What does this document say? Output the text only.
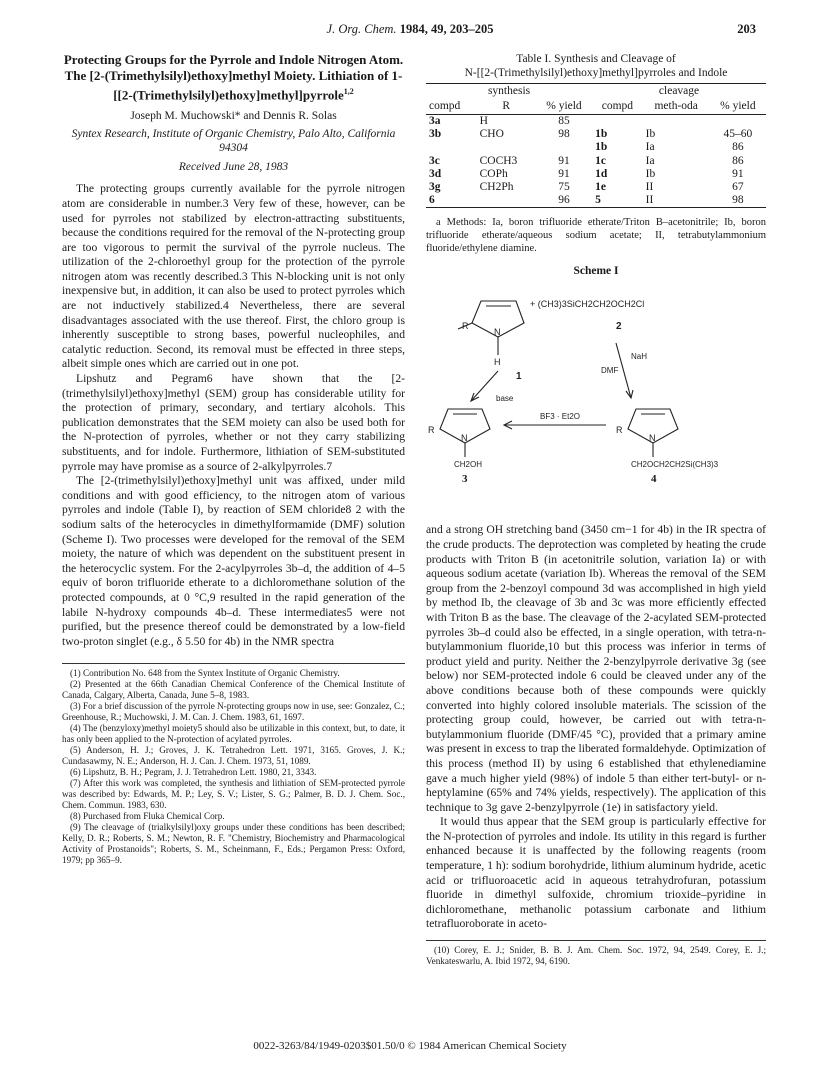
J. Org. Chem. 1984, 49, 203–205	203

Protecting Groups for the Pyrrole and Indole Nitrogen Atom. The [2-(Trimethylsilyl)ethoxy]methyl Moiety. Lithiation of 1-[[2-(Trimethylsilyl)ethoxy]methyl]pyrrole$^{1,2}$

Joseph M. Muchowski* and Dennis R. Solas
Syntex Research, Institute of Organic Chemistry, Palo Alto, California 94304
Received June 28, 1983

The protecting groups currently available for the pyrrole nitrogen atom are considerable in number.3 Very few of these, however, can be used for pyrroles not stabilized by electron-attracting substituents, because the conditions required for the removal of the N-protecting group are too vigorous to permit the survival of the pyrrole nucleus. The utilization of the 2-chloroethyl group for the protection of the pyrrole nitrogen atom was recently described.3 This N-blocking unit is not only inexpensive but, in addition, it can also be used to protect pyrroles which are not inductively stabilized.4 Nevertheless, there are several disadvantages associated with the use thereof. First, the chloro group is inherently susceptible to strong bases, powerful nucleophiles, and catalytic reduction. Second, its removal must be effected in three steps, albeit simple ones which are carried out in one pot.

Lipshutz and Pegram6 have shown that the [2-(trimethylsilyl)ethoxy]methyl (SEM) group has considerable utility for the protection of primary, secondary, and tertiary alcohols. This publication demonstrates that the SEM moiety can also be used both for the N-protection of pyrroles, whether or not they carry stabilizing substituents, and for indole. Furthermore, lithiation of SEM-substituted pyrrole may have promise as a source of 2-alkylpyrroles.7

The [2-(trimethylsilyl)ethoxy]methyl unit was affixed, under mild conditions and with good efficiency, to the nitrogen atom of various pyrroles and indole (Table I), by reaction of SEM chloride8 2 with the sodium salts of the heterocycles in dimethylformamide (DMF) solution (Scheme I). Two processes were developed for the removal of the SEM moiety, the nature of which was dependent on the substituent present in the heterocyclic system. For the 2-acylpyrroles 3b–d, the addition of 4–5 equiv of boron trifluoride etherate to a dichloromethane solution of the protected compounds, at 0 °C,9 resulted in the rapid generation of the labile N-hydroxy compounds 4b–d. These intermediates5 were not purified, but the presence thereof could be demonstrated by a low-field two-proton singlet (e.g., δ 5.50 for 4b) in the NMR spectra

(1) Contribution No. 648 from the Syntex Institute of Organic Chemistry.

(2) Presented at the 66th Canadian Chemical Conference of the Chemical Institute of Canada, Calgary, Alberta, Canada, June 5–8, 1983.

(3) For a brief discussion of the pyrrole N-protecting groups now in use, see: Gonzalez, C.; Greenhouse, R.; Muchowski, J. M. Can. J. Chem. 1983, 61, 1697.

(4) The (benzyloxy)methyl moiety5 should also be utilizable in this context, but, to date, it has only been applied to the N-protection of acylated pyrroles.

(5) Anderson, H. J.; Groves, J. K. Tetrahedron Lett. 1971, 3165. Groves, J. K.; Cundasawmy, N. E.; Anderson, H. J. Can. J. Chem. 1973, 51, 1089.

(6) Lipshutz, B. H.; Pegram, J. J. Tetrahedron Lett. 1980, 21, 3343.

(7) After this work was completed, the synthesis and lithiation of SEM-protected pyrrole was described by: Edwards, M. P.; Ley, S. V.; Lister, S. G.; Palmer, B. D. J. Chem. Soc., Chem. Commun. 1983, 630.

(8) Purchased from Fluka Chemical Corp.

(9) The cleavage of (trialkylsilyl)oxy groups under these conditions has been described; Kelly, D. R.; Roberts, S. M.; Newton, R. F. "Chemistry, Biochemistry and Pharmacological Activity of Prostanoids"; Roberts, S. M., Scheinmann, F., Eds.; Pergamon Press: Oxford, 1979; pp 365–9.

Table I. Synthesis and Cleavage of
N-[[2-(Trimethylsilyl)ethoxy]methyl]pyrroles and Indole
synthesis			cleavage		
compd	R	% yield	compd	meth-oda	% yield
3a	H	85			
3b	CHO	98	1b	Ib	45–60
			1b	Ia	86
3c	COCH3	91	1c	Ia	86
3d	COPh	91	1d	Ib	91
3g	CH2Ph	75	1e	II	67
6		96	5	II	98
a Methods: Ia, boron trifluoride etherate/Triton B–acetonitrile; Ib, boron trifluoride etherate/aqueous sodium acetate; II, tetrabutylammonium fluoride/ethylene diamine.
Scheme I
R
N
H
+ (CH3)3SiCH2CH2OCH2Cl
1
2
NaH
DMF
base
BF3 · Et2O
R
N
CH2OH
R
N
CH2OCH2CH2Si(CH3)3
3	4

and a strong OH stretching band (3450 cm−1 for 4b) in the IR spectra of the crude products. The deprotection was completed by heating the crude products with Triton B (in acetonitrile solution, variation Ia) or with aqueous sodium acetate (variation Ib). Whereas the removal of the SEM group from the 2-benzoyl compound 3d was accomplished in high yield by method Ib, the cleavage of 3b and 3c was more efficiently effected with Triton B as the base. The cleavage of the 2-acylated SEM-protected pyrroles 3b–d could also be effected, in a single operation, with tetra-n-butylammonium fluoride,10 but this process was inferior in terms of product yield and purity. Neither the 2-benzylpyrrole derivative 3g (see below) nor SEM-protected indole 6 could be cleaved under any of the above conditions because both of these compounds were quickly converted into highly colored insoluble materials. The scission of the protecting group could, however, be carried out with tetra-n-butylammonium fluoride (DMF/45 °C), provided that a primary amine was present in excess to trap the liberated formaldehyde. Optimization of this process (method II) by using 6 established that ethylenediamine gave a much higher yield (98%) of indole 5 than either tert-butyl- or n-heptylamine (65% and 74% yields, respectively). The application of this technique to 3g gave 2-benzylpyrrole (1e) in satisfactory yield.

It would thus appear that the SEM group is particularly effective for the N-protection of pyrroles and indole. Its utility in this regard is further enhanced because it is unaffected by the following reagents (room temperature, 1 h): sodium borohydride, lithium aluminum hydride, acetic acid or trifluoroacetic acid in aqueous tetrahydrofuran, potassium fluoride in dimethyl sulfoxide, chromium trioxide–pyridine in dichloromethane, methanolic potassium carbonate and lithium tetrafluoroborate in aceto-

(10) Corey, E. J.; Snider, B. B. J. Am. Chem. Soc. 1972, 94, 2549. Corey, E. J.; Venkateswarlu, A. Ibid 1972, 94, 6190.

0022-3263/84/1949-0203$01.50/0 © 1984 American Chemical Society
